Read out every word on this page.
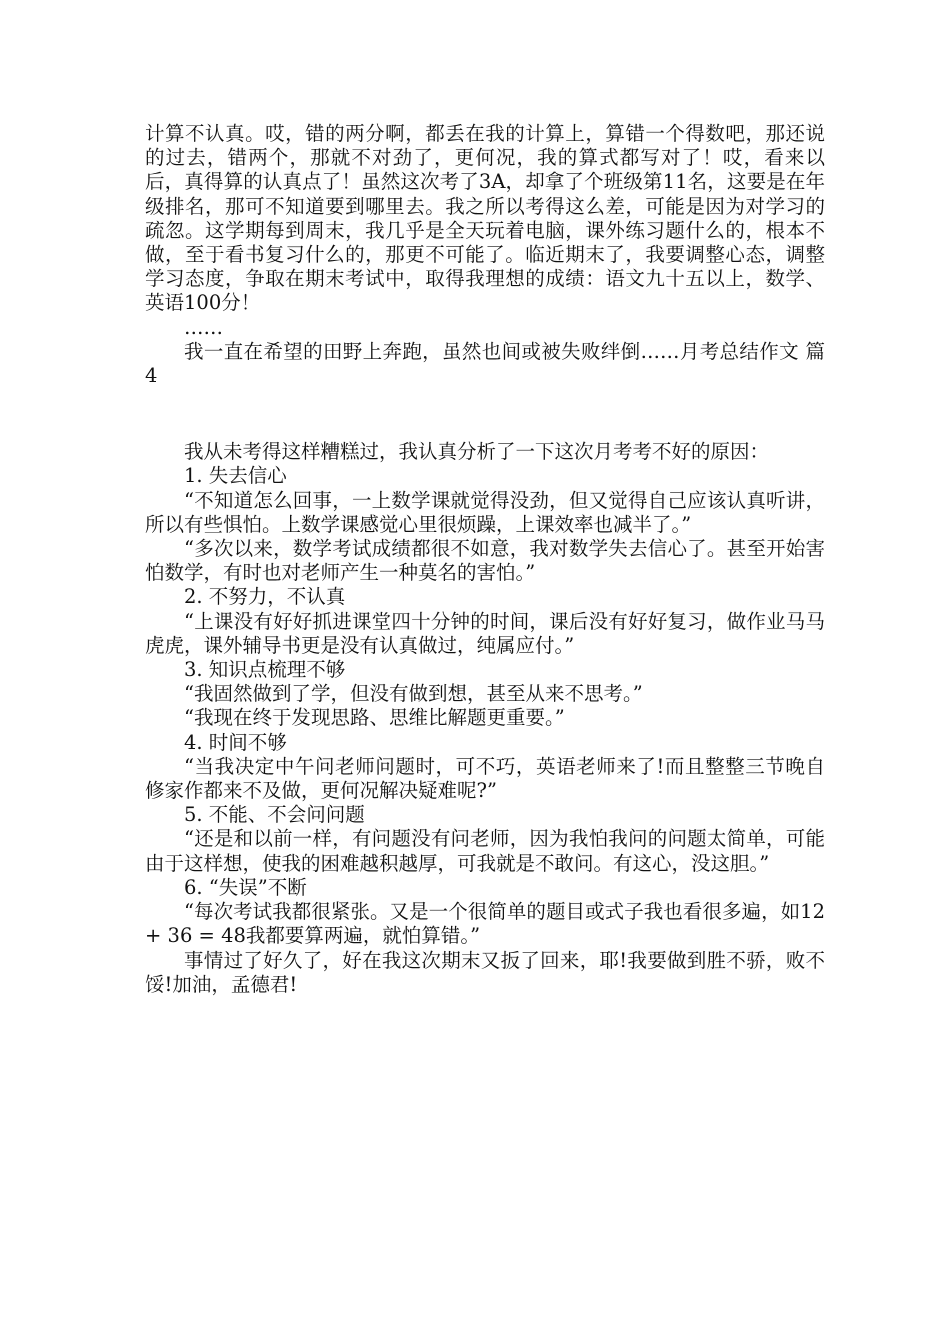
计算不认真。哎，错的两分啊，都丢在我的计算上，算错一个得数吧，那还说的过去，错两个，那就不对劲了，更何况，我的算式都写对了！哎，看来以后，真得算的认真点了！虽然这次考了3A，却拿了个班级第11名，这要是在年级排名，那可不知道要到哪里去。我之所以考得这么差，可能是因为对学习的疏忽。这学期每到周末，我几乎是全天玩着电脑，课外练习题什么的，根本不做，至于看书复习什么的，那更不可能了。临近期末了，我要调整心态，调整学习态度，争取在期末考试中，取得我理想的成绩：语文九十五以上，数学、英语100分！

……

我一直在希望的田野上奔跑，虽然也间或被失败绊倒……月考总结作文 篇4

我从未考得这样糟糕过，我认真分析了一下这次月考考不好的原因：

1. 失去信心

“不知道怎么回事，一上数学课就觉得没劲，但又觉得自己应该认真听讲，所以有些惧怕。上数学课感觉心里很烦躁，上课效率也减半了。”

“多次以来，数学考试成绩都很不如意，我对数学失去信心了。甚至开始害怕数学，有时也对老师产生一种莫名的害怕。”

2. 不努力，不认真

“上课没有好好抓进课堂四十分钟的时间，课后没有好好复习，做作业马马虎虎，课外辅导书更是没有认真做过，纯属应付。”

3. 知识点梳理不够

“我固然做到了学，但没有做到想，甚至从来不思考。”

“我现在终于发现思路、思维比解题更重要。”

4. 时间不够

“当我决定中午问老师问题时，可不巧，英语老师来了!而且整整三节晚自修家作都来不及做，更何况解决疑难呢?”

5. 不能、不会问问题

“还是和以前一样，有问题没有问老师，因为我怕我问的问题太简单，可能由于这样想，使我的困难越积越厚，可我就是不敢问。有这心，没这胆。”

6. “失误”不断

“每次考试我都很紧张。又是一个很简单的题目或式子我也看很多遍，如12 + 36 = 48我都要算两遍，就怕算错。”

事情过了好久了，好在我这次期末又扳了回来，耶!我要做到胜不骄，败不馁!加油，孟德君!
